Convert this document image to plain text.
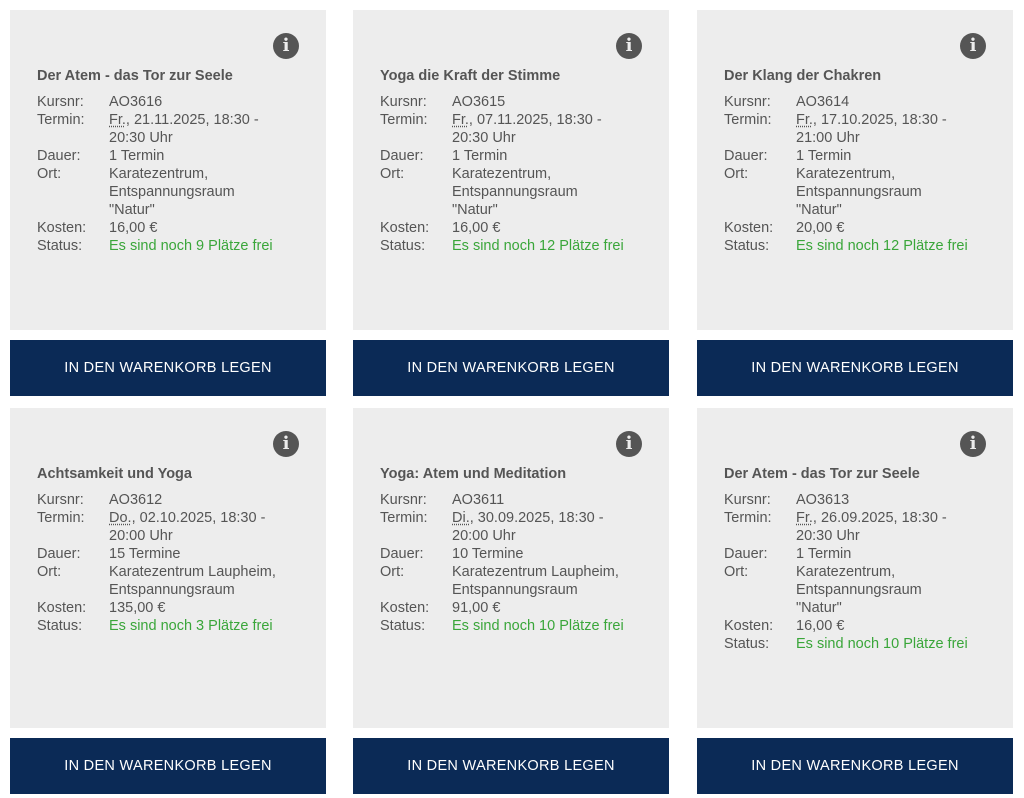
i
Der Atem - das Tor zur Seele
Kursnr:	AO3616
Termin:	Fr., 21.11.2025, 18:30 -
20:30 Uhr
Dauer:	1 Termin
Ort:	Karatezentrum,
Entspannungsraum
"Natur"
Kosten:	16,00 €
Status:	Es sind noch 9 Plätze frei
IN DEN WARENKORB LEGEN
i
Yoga die Kraft der Stimme
Kursnr:	AO3615
Termin:	Fr., 07.11.2025, 18:30 -
20:30 Uhr
Dauer:	1 Termin
Ort:	Karatezentrum,
Entspannungsraum
"Natur"
Kosten:	16,00 €
Status:	Es sind noch 12 Plätze frei
IN DEN WARENKORB LEGEN
i
Der Klang der Chakren
Kursnr:	AO3614
Termin:	Fr., 17.10.2025, 18:30 -
21:00 Uhr
Dauer:	1 Termin
Ort:	Karatezentrum,
Entspannungsraum
"Natur"
Kosten:	20,00 €
Status:	Es sind noch 12 Plätze frei
IN DEN WARENKORB LEGEN
i
Achtsamkeit und Yoga
Kursnr:	AO3612
Termin:	Do., 02.10.2025, 18:30 -
20:00 Uhr
Dauer:	15 Termine
Ort:	Karatezentrum Laupheim,
Entspannungsraum
Kosten:	135,00 €
Status:	Es sind noch 3 Plätze frei
IN DEN WARENKORB LEGEN
i
Yoga: Atem und Meditation
Kursnr:	AO3611
Termin:	Di., 30.09.2025, 18:30 -
20:00 Uhr
Dauer:	10 Termine
Ort:	Karatezentrum Laupheim,
Entspannungsraum
Kosten:	91,00 €
Status:	Es sind noch 10 Plätze frei
IN DEN WARENKORB LEGEN
i
Der Atem - das Tor zur Seele
Kursnr:	AO3613
Termin:	Fr., 26.09.2025, 18:30 -
20:30 Uhr
Dauer:	1 Termin
Ort:	Karatezentrum,
Entspannungsraum
"Natur"
Kosten:	16,00 €
Status:	Es sind noch 10 Plätze frei
IN DEN WARENKORB LEGEN
